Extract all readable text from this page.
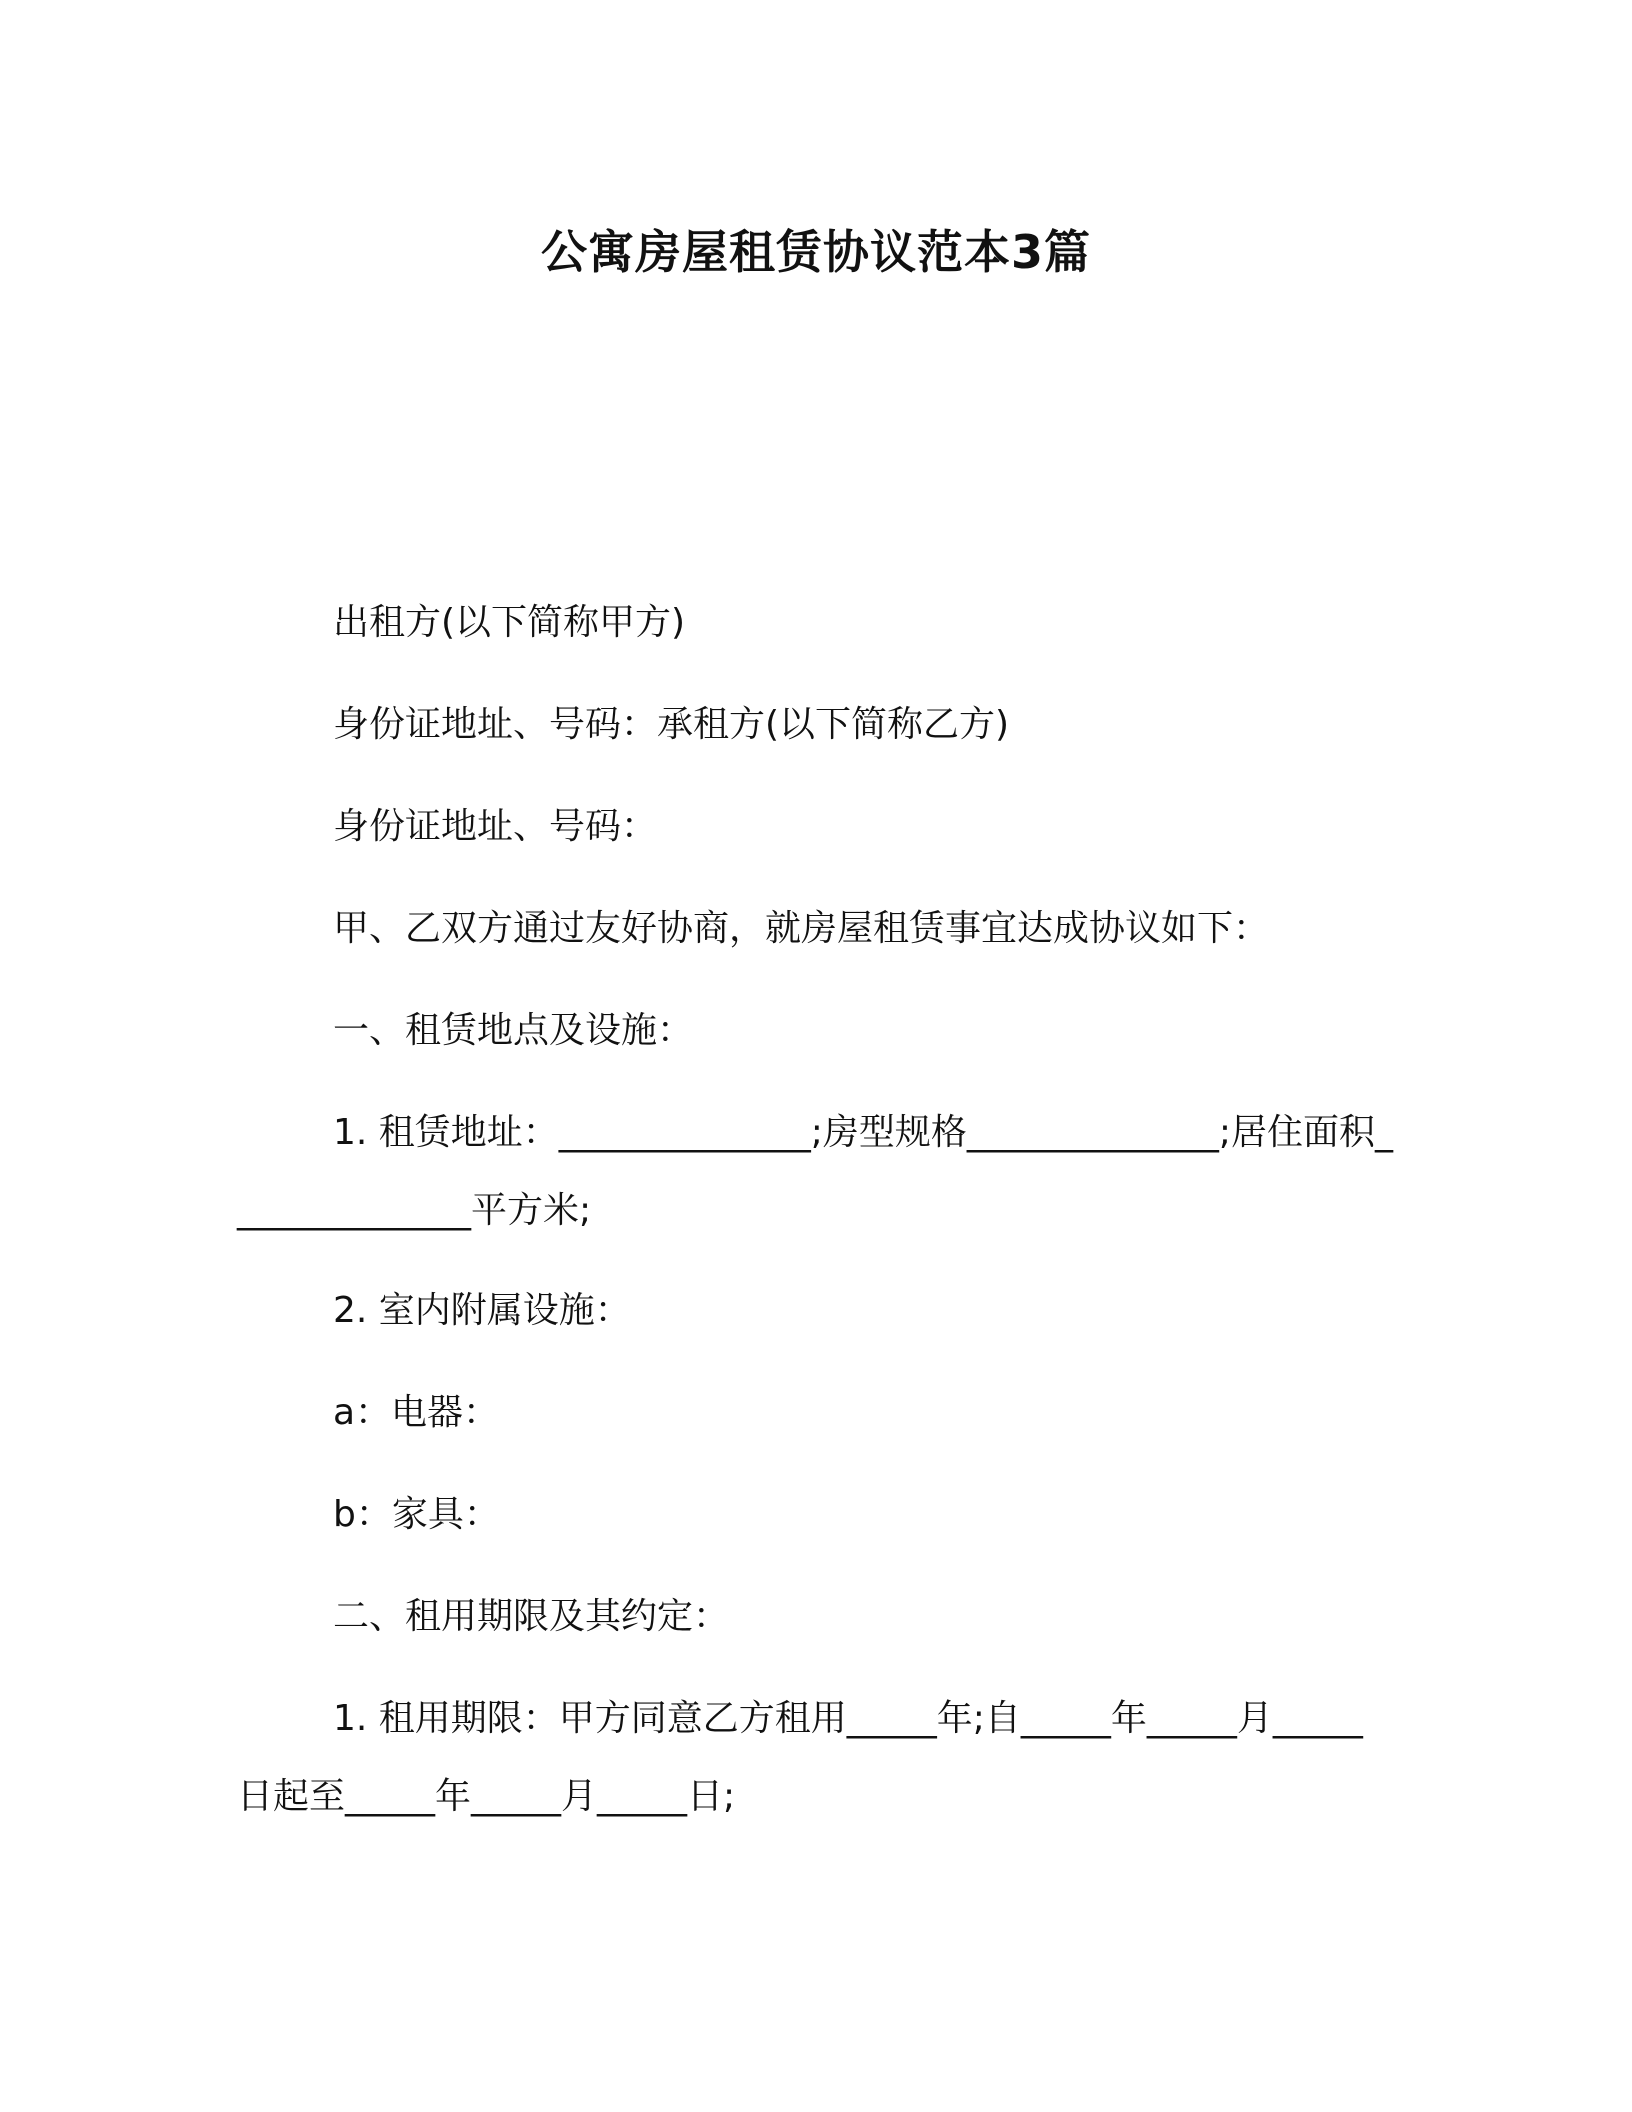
公寓房屋租赁协议范本3篇
出租方(以下简称甲方)
身份证地址、号码：承租方(以下简称乙方)
身份证地址、号码：
甲、乙双方通过友好协商，就房屋租赁事宜达成协议如下：
一、租赁地点及设施：
1. 租赁地址：______________;房型规格______________;居住面积______________平方米;
2. 室内附属设施：
a：电器：
b：家具：
二、租用期限及其约定：
1. 租用期限：甲方同意乙方租用_____年;自_____年_____月_____日起至_____年_____月_____日;
